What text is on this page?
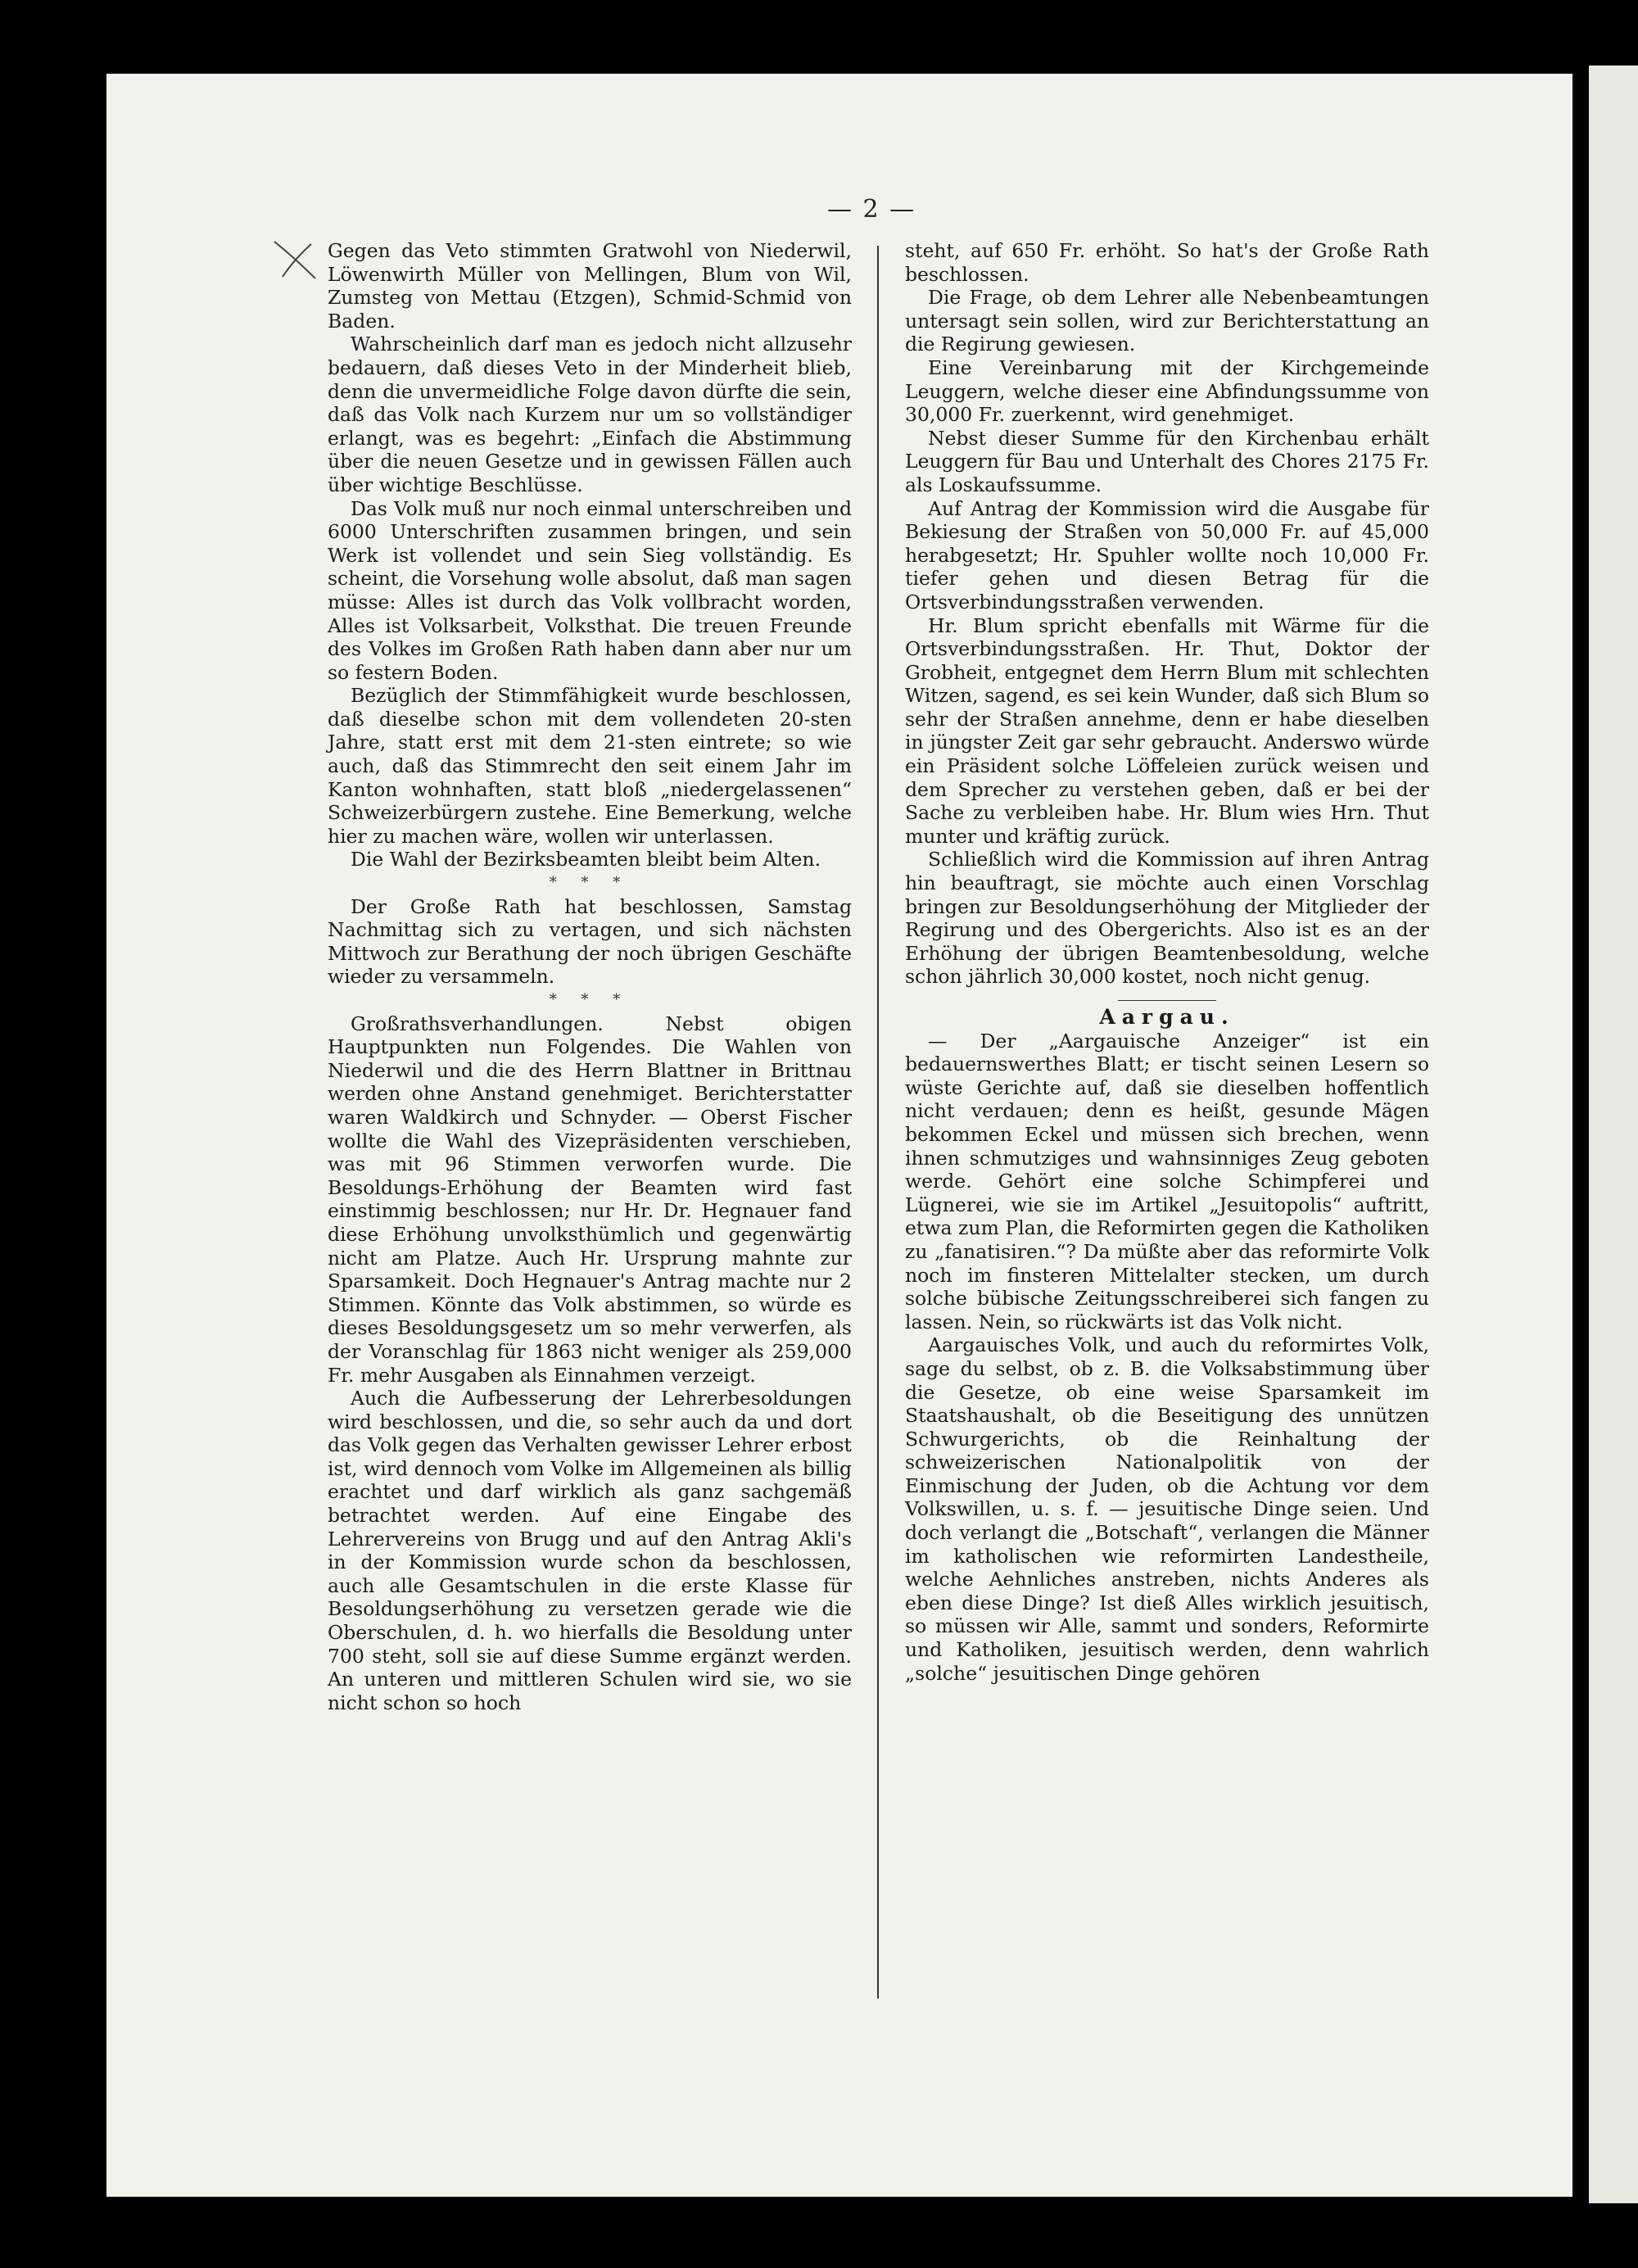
— 2 —

Gegen das Veto stimmten Gratwohl von Niederwil, Löwenwirth Müller von Mellingen, Blum von Wil, Zumsteg von Mettau (Etzgen), Schmid-Schmid von Baden.

Wahrscheinlich darf man es jedoch nicht allzusehr bedauern, daß dieses Veto in der Minderheit blieb, denn die unvermeidliche Folge davon dürfte die sein, daß das Volk nach Kurzem nur um so vollständiger erlangt, was es begehrt: „Einfach die Abstimmung über die neuen Gesetze und in gewissen Fällen auch über wichtige Beschlüsse.

Das Volk muß nur noch einmal unterschreiben und 6000 Unterschriften zusammen bringen, und sein Werk ist vollendet und sein Sieg vollständig. Es scheint, die Vorsehung wolle absolut, daß man sagen müsse: Alles ist durch das Volk vollbracht worden, Alles ist Volksarbeit, Volksthat. Die treuen Freunde des Volkes im Großen Rath haben dann aber nur um so festern Boden.

Bezüglich der Stimmfähigkeit wurde beschlossen, daß dieselbe schon mit dem vollendeten 20-sten Jahre, statt erst mit dem 21-sten eintrete; so wie auch, daß das Stimmrecht den seit einem Jahr im Kanton wohnhaften, statt bloß „niedergelassenen“ Schweizerbürgern zustehe. Eine Bemerkung, welche hier zu machen wäre, wollen wir unterlassen.

Die Wahl der Bezirksbeamten bleibt beim Alten.

* * *

Der Große Rath hat beschlossen, Samstag Nachmittag sich zu vertagen, und sich nächsten Mittwoch zur Berathung der noch übrigen Geschäfte wieder zu versammeln.

* * *

Großrathsverhandlungen. Nebst obigen Hauptpunkten nun Folgendes. Die Wahlen von Niederwil und die des Herrn Blattner in Brittnau werden ohne Anstand genehmiget. Berichterstatter waren Waldkirch und Schnyder. — Oberst Fischer wollte die Wahl des Vizepräsidenten verschieben, was mit 96 Stimmen verworfen wurde. Die Besoldungs-Erhöhung der Beamten wird fast einstimmig beschlossen; nur Hr. Dr. Hegnauer fand diese Erhöhung unvolksthümlich und gegenwärtig nicht am Platze. Auch Hr. Ursprung mahnte zur Sparsamkeit. Doch Hegnauer's Antrag machte nur 2 Stimmen. Könnte das Volk abstimmen, so würde es dieses Besoldungsgesetz um so mehr verwerfen, als der Voranschlag für 1863 nicht weniger als 259,000 Fr. mehr Ausgaben als Einnahmen verzeigt.

Auch die Aufbesserung der Lehrerbesoldungen wird beschlossen, und die, so sehr auch da und dort das Volk gegen das Verhalten gewisser Lehrer erbost ist, wird dennoch vom Volke im Allgemeinen als billig erachtet und darf wirklich als ganz sachgemäß betrachtet werden. Auf eine Eingabe des Lehrervereins von Brugg und auf den Antrag Akli's in der Kommission wurde schon da beschlossen, auch alle Gesamtschulen in die erste Klasse für Besoldungserhöhung zu versetzen gerade wie die Oberschulen, d. h. wo hierfalls die Besoldung unter 700 steht, soll sie auf diese Summe ergänzt werden. An unteren und mittleren Schulen wird sie, wo sie nicht schon so hoch

steht, auf 650 Fr. erhöht. So hat's der Große Rath beschlossen.

Die Frage, ob dem Lehrer alle Nebenbeamtungen untersagt sein sollen, wird zur Berichterstattung an die Regirung gewiesen.

Eine Vereinbarung mit der Kirchgemeinde Leuggern, welche dieser eine Abfindungssumme von 30,000 Fr. zuerkennt, wird genehmiget.

Nebst dieser Summe für den Kirchenbau erhält Leuggern für Bau und Unterhalt des Chores 2175 Fr. als Loskaufssumme.

Auf Antrag der Kommission wird die Ausgabe für Bekiesung der Straßen von 50,000 Fr. auf 45,000 herabgesetzt; Hr. Spuhler wollte noch 10,000 Fr. tiefer gehen und diesen Betrag für die Ortsverbindungsstraßen verwenden.

Hr. Blum spricht ebenfalls mit Wärme für die Ortsverbindungsstraßen. Hr. Thut, Doktor der Grobheit, entgegnet dem Herrn Blum mit schlechten Witzen, sagend, es sei kein Wunder, daß sich Blum so sehr der Straßen annehme, denn er habe dieselben in jüngster Zeit gar sehr gebraucht. Anderswo würde ein Präsident solche Löffeleien zurück weisen und dem Sprecher zu verstehen geben, daß er bei der Sache zu verbleiben habe. Hr. Blum wies Hrn. Thut munter und kräftig zurück.

Schließlich wird die Kommission auf ihren Antrag hin beauftragt, sie möchte auch einen Vorschlag bringen zur Besoldungserhöhung der Mitglieder der Regirung und des Obergerichts. Also ist es an der Erhöhung der übrigen Beamtenbesoldung, welche schon jährlich 30,000 kostet, noch nicht genug.

Aargau.

— Der „Aargauische Anzeiger“ ist ein bedauernswerthes Blatt; er tischt seinen Lesern so wüste Gerichte auf, daß sie dieselben hoffentlich nicht verdauen; denn es heißt, gesunde Mägen bekommen Eckel und müssen sich brechen, wenn ihnen schmutziges und wahnsinniges Zeug geboten werde. Gehört eine solche Schimpferei und Lügnerei, wie sie im Artikel „Jesuitopolis“ auftritt, etwa zum Plan, die Reformirten gegen die Katholiken zu „fanatisiren.“? Da müßte aber das reformirte Volk noch im finsteren Mittelalter stecken, um durch solche bübische Zeitungsschreiberei sich fangen zu lassen. Nein, so rückwärts ist das Volk nicht.

Aargauisches Volk, und auch du reformirtes Volk, sage du selbst, ob z. B. die Volksabstimmung über die Gesetze, ob eine weise Sparsamkeit im Staatshaushalt, ob die Beseitigung des unnützen Schwurgerichts, ob die Reinhaltung der schweizerischen Nationalpolitik von der Einmischung der Juden, ob die Achtung vor dem Volkswillen, u. s. f. — jesuitische Dinge seien. Und doch verlangt die „Botschaft“, verlangen die Männer im katholischen wie reformirten Landestheile, welche Aehnliches anstreben, nichts Anderes als eben diese Dinge? Ist dieß Alles wirklich jesuitisch, so müssen wir Alle, sammt und sonders, Reformirte und Katholiken, jesuitisch werden, denn wahrlich „solche“ jesuitischen Dinge gehören
